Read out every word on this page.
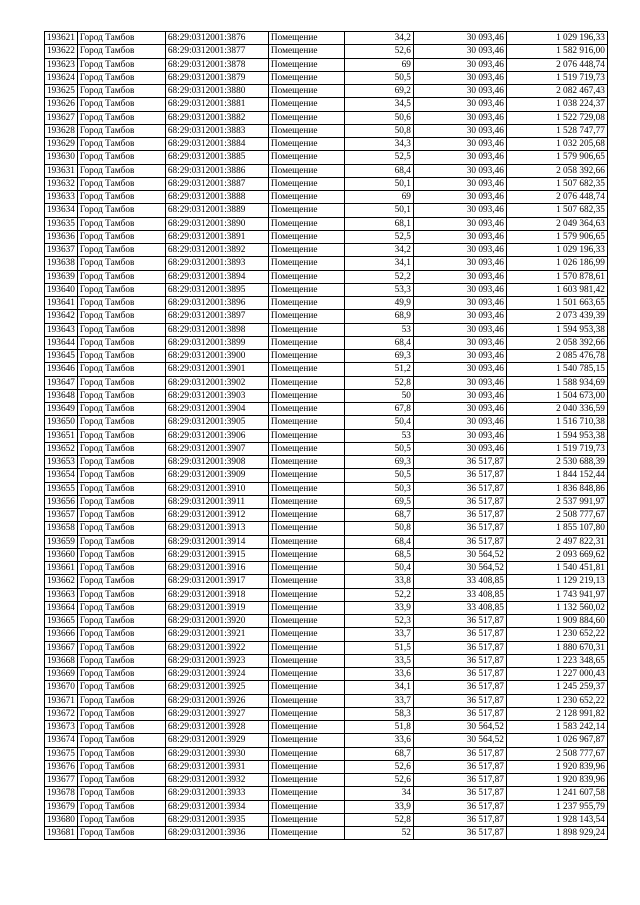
193621	Город Тамбов	68:29:0312001:3876	Помещение	34,2	30 093,46	1 029 196,33
193622	Город Тамбов	68:29:0312001:3877	Помещение	52,6	30 093,46	1 582 916,00
193623	Город Тамбов	68:29:0312001:3878	Помещение	69	30 093,46	2 076 448,74
193624	Город Тамбов	68:29:0312001:3879	Помещение	50,5	30 093,46	1 519 719,73
193625	Город Тамбов	68:29:0312001:3880	Помещение	69,2	30 093,46	2 082 467,43
193626	Город Тамбов	68:29:0312001:3881	Помещение	34,5	30 093,46	1 038 224,37
193627	Город Тамбов	68:29:0312001:3882	Помещение	50,6	30 093,46	1 522 729,08
193628	Город Тамбов	68:29:0312001:3883	Помещение	50,8	30 093,46	1 528 747,77
193629	Город Тамбов	68:29:0312001:3884	Помещение	34,3	30 093,46	1 032 205,68
193630	Город Тамбов	68:29:0312001:3885	Помещение	52,5	30 093,46	1 579 906,65
193631	Город Тамбов	68:29:0312001:3886	Помещение	68,4	30 093,46	2 058 392,66
193632	Город Тамбов	68:29:0312001:3887	Помещение	50,1	30 093,46	1 507 682,35
193633	Город Тамбов	68:29:0312001:3888	Помещение	69	30 093,46	2 076 448,74
193634	Город Тамбов	68:29:0312001:3889	Помещение	50,1	30 093,46	1 507 682,35
193635	Город Тамбов	68:29:0312001:3890	Помещение	68,1	30 093,46	2 049 364,63
193636	Город Тамбов	68:29:0312001:3891	Помещение	52,5	30 093,46	1 579 906,65
193637	Город Тамбов	68:29:0312001:3892	Помещение	34,2	30 093,46	1 029 196,33
193638	Город Тамбов	68:29:0312001:3893	Помещение	34,1	30 093,46	1 026 186,99
193639	Город Тамбов	68:29:0312001:3894	Помещение	52,2	30 093,46	1 570 878,61
193640	Город Тамбов	68:29:0312001:3895	Помещение	53,3	30 093,46	1 603 981,42
193641	Город Тамбов	68:29:0312001:3896	Помещение	49,9	30 093,46	1 501 663,65
193642	Город Тамбов	68:29:0312001:3897	Помещение	68,9	30 093,46	2 073 439,39
193643	Город Тамбов	68:29:0312001:3898	Помещение	53	30 093,46	1 594 953,38
193644	Город Тамбов	68:29:0312001:3899	Помещение	68,4	30 093,46	2 058 392,66
193645	Город Тамбов	68:29:0312001:3900	Помещение	69,3	30 093,46	2 085 476,78
193646	Город Тамбов	68:29:0312001:3901	Помещение	51,2	30 093,46	1 540 785,15
193647	Город Тамбов	68:29:0312001:3902	Помещение	52,8	30 093,46	1 588 934,69
193648	Город Тамбов	68:29:0312001:3903	Помещение	50	30 093,46	1 504 673,00
193649	Город Тамбов	68:29:0312001:3904	Помещение	67,8	30 093,46	2 040 336,59
193650	Город Тамбов	68:29:0312001:3905	Помещение	50,4	30 093,46	1 516 710,38
193651	Город Тамбов	68:29:0312001:3906	Помещение	53	30 093,46	1 594 953,38
193652	Город Тамбов	68:29:0312001:3907	Помещение	50,5	30 093,46	1 519 719,73
193653	Город Тамбов	68:29:0312001:3908	Помещение	69,3	36 517,87	2 530 688,39
193654	Город Тамбов	68:29:0312001:3909	Помещение	50,5	36 517,87	1 844 152,44
193655	Город Тамбов	68:29:0312001:3910	Помещение	50,3	36 517,87	1 836 848,86
193656	Город Тамбов	68:29:0312001:3911	Помещение	69,5	36 517,87	2 537 991,97
193657	Город Тамбов	68:29:0312001:3912	Помещение	68,7	36 517,87	2 508 777,67
193658	Город Тамбов	68:29:0312001:3913	Помещение	50,8	36 517,87	1 855 107,80
193659	Город Тамбов	68:29:0312001:3914	Помещение	68,4	36 517,87	2 497 822,31
193660	Город Тамбов	68:29:0312001:3915	Помещение	68,5	30 564,52	2 093 669,62
193661	Город Тамбов	68:29:0312001:3916	Помещение	50,4	30 564,52	1 540 451,81
193662	Город Тамбов	68:29:0312001:3917	Помещение	33,8	33 408,85	1 129 219,13
193663	Город Тамбов	68:29:0312001:3918	Помещение	52,2	33 408,85	1 743 941,97
193664	Город Тамбов	68:29:0312001:3919	Помещение	33,9	33 408,85	1 132 560,02
193665	Город Тамбов	68:29:0312001:3920	Помещение	52,3	36 517,87	1 909 884,60
193666	Город Тамбов	68:29:0312001:3921	Помещение	33,7	36 517,87	1 230 652,22
193667	Город Тамбов	68:29:0312001:3922	Помещение	51,5	36 517,87	1 880 670,31
193668	Город Тамбов	68:29:0312001:3923	Помещение	33,5	36 517,87	1 223 348,65
193669	Город Тамбов	68:29:0312001:3924	Помещение	33,6	36 517,87	1 227 000,43
193670	Город Тамбов	68:29:0312001:3925	Помещение	34,1	36 517,87	1 245 259,37
193671	Город Тамбов	68:29:0312001:3926	Помещение	33,7	36 517,87	1 230 652,22
193672	Город Тамбов	68:29:0312001:3927	Помещение	58,3	36 517,87	2 128 991,82
193673	Город Тамбов	68:29:0312001:3928	Помещение	51,8	30 564,52	1 583 242,14
193674	Город Тамбов	68:29:0312001:3929	Помещение	33,6	30 564,52	1 026 967,87
193675	Город Тамбов	68:29:0312001:3930	Помещение	68,7	36 517,87	2 508 777,67
193676	Город Тамбов	68:29:0312001:3931	Помещение	52,6	36 517,87	1 920 839,96
193677	Город Тамбов	68:29:0312001:3932	Помещение	52,6	36 517,87	1 920 839,96
193678	Город Тамбов	68:29:0312001:3933	Помещение	34	36 517,87	1 241 607,58
193679	Город Тамбов	68:29:0312001:3934	Помещение	33,9	36 517,87	1 237 955,79
193680	Город Тамбов	68:29:0312001:3935	Помещение	52,8	36 517,87	1 928 143,54
193681	Город Тамбов	68:29:0312001:3936	Помещение	52	36 517,87	1 898 929,24
